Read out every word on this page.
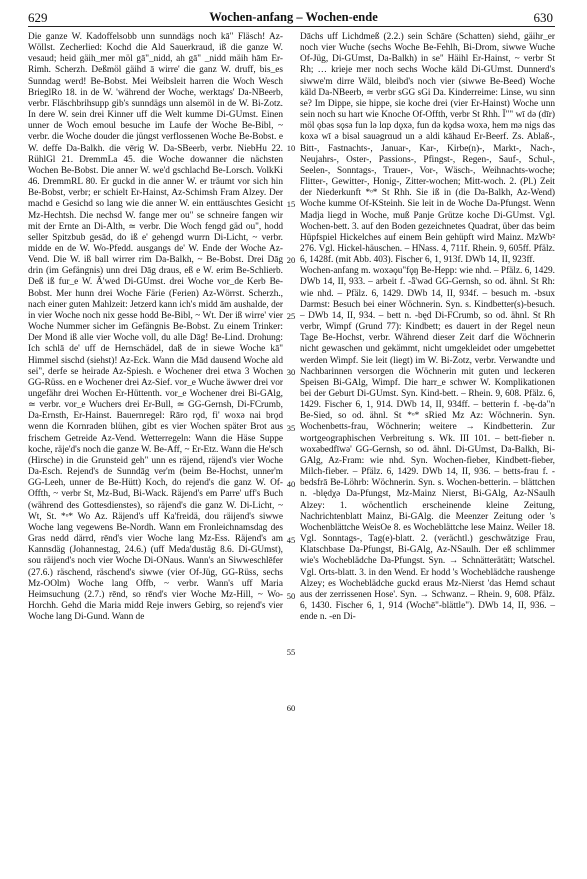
629	Wochen-anfang – Wochen-ende	630

Die ganze W. Kadoffelsobb unn sunndägs noch kā" Fläsch! Az-Wöllst. Zecherlied: Kochd die Ald Sauerkraud, iß die ganze W. vesaud; heid gäih_mer möl gā"_nidd, ah gā" _nidd mäih hām Er-Rimh. Scherzh. Deßmöl gäihd ā wirre' die ganz W. druff, bis_es Sunndag werd! Be-Bobst. Mei Weibsleit harren die Woch Wesch BrieglRo 18. in de W. 'während der Woche, werktags' Da-NBeerb, verbr. Fläschbrihsupp gib's sunndägs unn alsemöl in de W. Bi-Zotz. In dere W. sein drei Kinner uff die Welt kumme Di-GUmst. Einen unner de Woch emoul besuche im Laufe der Woche Be-Bibl, ~ verbr. die Woche douder die jüngst verflossenen Woche Be-Bobst. e W. deffe Da-Balkh. die vērig W. Da-SBeerb, verbr. NiebHu 22. RühlGl 21. DremmLa 45. die Woche dowanner die nächsten Wochen Be-Bobst. Die anner W. we'd gschlachd Be-Lorsch. VolkKi 46. DremmRL 80. Er guckd in die anner W. er träumt vor sich hin Be-Bobst, verbr; er schielt Er-Hainst, Az-Schimsh Fram Alzey. Der machd e Gesichd so lang wie die anner W. ein enttäuschtes Gesicht Mz-Hechtsh. Die nechsd W. fange mer ou" se schneire fangen wir mit der Ernte an Di-Alth, ≃ verbr. Die Woch fengd gäd ou", hodd seller Spitzbub gesād, do iß e' gehengd wurrn Di-Licht, ~ verbr. midde en de W. Wo-Pfedd. ausgangs de' W. Ende der Woche Az-Vend. Die W. iß ball wirrer rim Da-Balkh, ~ Be-Bobst. Drei Dāg drin (im Gefängnis) unn drei Dāg draus, eß e W. erim Be-Schlierb. Deß iß fur_e W. Ā'wed Di-GUmst. drei Woche vor_de Kerb Be-Bobst. Mer hunn drei Woche Färie (Ferien) Az-Wörrst. Scherzh., nach einer guten Mahlzeit: Jetzerd kann ich's midd ām aushalde, der in vier Woche noch nix gesse hodd Be-Bibl, ~ Wt. Der iß wirre' vier Woche Nummer sicher im Gefängnis Be-Bobst. Zu einem Trinker: Der Mond iß alle vier Woche voll, du alle Dāg! Be-Lind. Drohung: Ich schlā de' uff de Hernschädel, daß de in siewe Woche kā" Himmel sischd (siehst)! Az-Eck. Wann die Mād dausend Woche ald sei", derfe se heirade Az-Spiesh. e Wochener drei etwa 3 Wochen GG-Rüss. en e Wochener drei Az-Sief. vor_e Wuche äwwer drei vor ungefähr drei Wochen Er-Hüttenth. vor_e Wochener drei Bi-GAlg, ≃ verbr. vor_e Wuchers drei Er-Bull, ≃ GG-Gernsh, Di-FCrumb, Da-Ernsth, Er-Hainst. Bauernregel: Rāro rǫd, fi' woxə nai brǫd wenn die Kornraden blühen, gibt es vier Wochen später Brot aus frischem Getreide Az-Vend. Wetterregeln: Wann die Häse Suppe koche, räje'd's noch die ganze W. Be-Aff, ~ Er-Etz. Wann die He'sch (Hirsche) in die Grunsteid geh" unn es räjend, räjend's vier Woche Da-Esch. Rejend's de Sunndāg ver'm (beim Be-Hochst, unner'm GG-Leeh, unner de Be-Hütt) Koch, do rejend's die ganz W. Of-Offth, ~ verbr St, Mz-Bud, Bi-Wack. Räjend's em Parre' uff's Buch (während des Gottesdienstes), so räjend's die ganz W. Di-Licht, ~ Wt, St. *ᵒ* Wo Az. Räjend's uff Ka'freidä, dou räijend's siwwe Woche lang vegewens Be-Nordh. Wann em Fronleichnamsdag des Gras nedd därrd, rēnd's vier Woche lang Mz-Ess. Räjend's am Kannsdäg (Johannestag, 24.6.) (uff Meda'dustäg 8.6. Di-GUmst), sou räijend's noch vier Woche Di-ONaus. Wann's an Siwweschlēfer (27.6.) räschend, räschend's siwwe (vier Of-Jüg, GG-Rüss, sechs Mz-OOlm) Woche lang Offb, ~ verbr. Wann's uff Maria Heimsuchung (2.7.) rēnd, so rēnd's vier Woche Mz-Hill, ~ Wo-Horchh. Gehd die Maria midd Reje inwers Gebirg, so rejend's vier Woche lang Di-Gund. Wann de

10
15
20
25
30
35
40
45
50
55
60

Dāchs uff Lichdmeß (2.2.) sein Schāre (Schatten) siehd, gäihr_er noch vier Wuche (sechs Woche Be-Fehlh, Bi-Drom, siwwe Wuche Of-Jüg, Di-GUmst, Da-Balkh) in se" Häihl Er-Hainst, ~ verbr St Rh; … krieje mer noch sechs Woche käld Di-GUmst. Dunnerd's siwwe'm dirre Wäld, bleibd's noch vier (siwwe Be-Beed) Woche käld Da-NBeerb, ≃ verbr sGG sGi Da. Kinderreime: Linse, wu sinn se? Im Dippe, sie hippe, sie koche drei (vier Er-Hainst) Woche unn sein noch su hart wie Knoche Of-Offth, verbr St Rhh. Ī"" wī də (dīr) möl ǫbəs sǫsə fun lə lɑp dǫxə, fun də kǫdsə woxə, hem mə nigs dəs koxə wī ə bisəl sauəgrɑud un ə aldi kāhaud Er-Beerf. Zs. Ablaß-, Bitt-, Fastnachts-, Januar-, Kar-, Kirbe(n)-, Markt-, Nach-, Neujahrs-, Oster-, Passions-, Pfingst-, Regen-, Sauf-, Schul-, Seelen-, Sonntags-, Trauer-, Vor-, Wäsch-, Weihnachts-woche; Flitter-, Gewitter-, Honig-, Zitter-wochen; Mitt-woch. 2. (Pl.) Zeit der Niederkunft *ᵒ* St Rhh. Sie iß in (die Da-Balkh, Az-Wend) Woche kumme Of-KSteinh. Sie leit in de Woche Da-Pfungst. Wenn Madja liegd in Woche, muß Panje Grütze koche Di-GUmst. Vgl. Wochen-bett. 3. auf den Boden gezeichnetes Quadrat, über das beim Hüpfspiel Hickelches auf einem Bein gehüpft wird Mainz. MzWb² 276. Vgl. Hickel-häuschen. – HNass. 4, 711f. Rhein. 9, 605ff. Pfälz. 6, 1428f. (mit Abb. 403). Fischer 6, 1, 913f. DWb 14, II, 923ff.

Wochen-anfang m. woxəǫu"fǫŋ Be-Hepp: wie nhd. – Pfälz. 6, 1429. DWb 14, II, 933. – arbeit f. -ǟ'wəd GG-Gernsh, so od. ähnl. St Rh: wie nhd. – Pfälz. 6, 1429. DWb 14, II, 934f. – besuch m. -bsux Darmst: Besuch bei einer Wöchnerin. Syn. s. Kindbetter(s)-besuch. – DWb 14, II, 934. – bett n. -będ Di-FCrumb, so od. ähnl. St Rh verbr, Wimpf (Grund 77): Kindbett; es dauert in der Regel neun Tage Be-Hochst, verbr. Während dieser Zeit darf die Wöchnerin nicht gewaschen und gekämmt, nicht umgekleidet oder umgebettet werden Wimpf. Sie leit (liegt) im W. Bi-Zotz, verbr. Verwandte und Nachbarinnen versorgen die Wöchnerin mit guten und leckeren Speisen Bi-GAlg, Wimpf. Die harr_e schwer W. Komplikationen bei der Geburt Di-GUmst. Syn. Kind-bett. – Rhein. 9, 608. Pfälz. 6, 1429. Fischer 6, 1, 914. DWb 14, II, 934ff. – betterin f. -bę-də"n Be-Sied, so od. ähnl. St *ᵒ* sRied Mz Az: Wöchnerin. Syn. Wochenbetts-frau, Wöchnerin; weitere → Kindbetterin. Zur wortgeographischen Verbreitung s. Wk. III 101. – bett-fieber n. woxəbedfīwə' GG-Gernsh, so od. ähnl. Di-GUmst, Da-Balkh, Bi-GAlg, Az-Fram: wie nhd. Syn. Wochen-fieber, Kindbett-fieber, Milch-fieber. – Pfälz. 6, 1429. DWb 14, II, 936. – betts-frau f. -bedsfrā Be-Löhrb: Wöchnerin. Syn. s. Wochen-betterin. – blättchen n. -blędχə Da-Pfungst, Mz-Mainz Nierst, Bi-GAlg, Az-NSaulh Alzey: 1. wöchentlich erscheinende kleine Zeitung, Nachrichtenblatt Mainz, Bi-GAlg. die Meenzer Zeitung oder 's Wochenblättche WeisOe 8. es Wocheblättche lese Mainz. Weiler 18. Vgl. Sonntags-, Tag(e)-blatt. 2. (verächtl.) geschwätzige Frau, Klatschbase Da-Pfungst, Bi-GAlg, Az-NSaulh. Der eß schlimmer wie's Wocheblädche Da-Pfungst. Syn. → Schnätterätätt; Watschel. Vgl. Orts-blatt. 3. in den Wend. Er hodd 's Wocheblädche raushenge Alzey; es Wocheblädche guckd eraus Mz-Nierst 'das Hemd schaut aus der zerrissenen Hose'. Syn. → Schwanz. – Rhein. 9, 608. Pfälz. 6, 1430. Fischer 6, 1, 914 (Wochē"-blättle"). DWb 14, II, 936. – ende n. -en Di-
